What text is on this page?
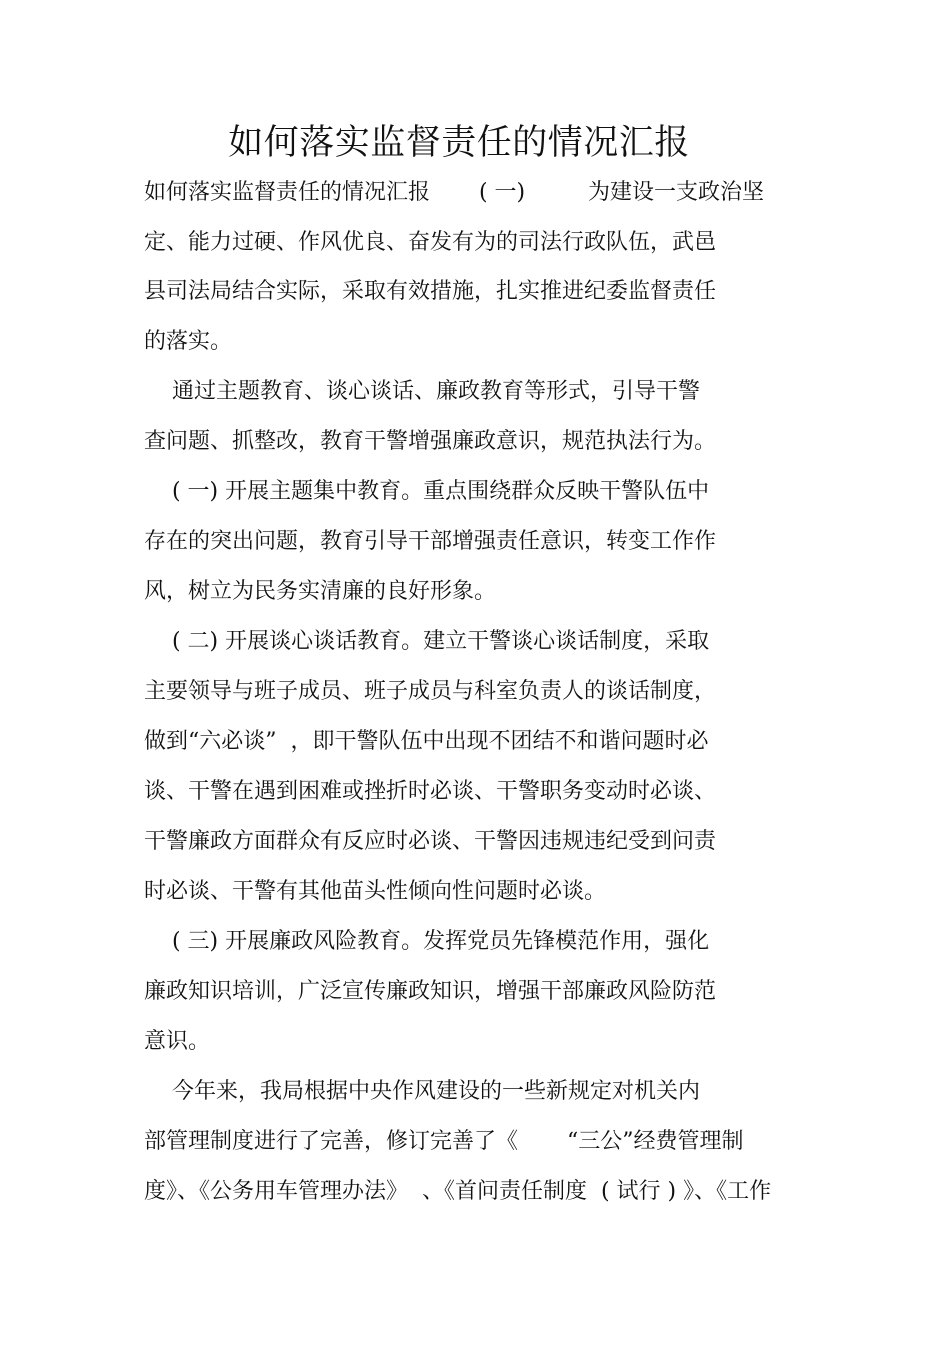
如何落实监督责任的情况汇报
如何落实监督责任的情况汇报       ( 一)         为建设一支政治坚
定、能力过硬、作风优良、奋发有为的司法行政队伍，武邑
县司法局结合实际，采取有效措施，扎实推进纪委监督责任
的落实。
通过主题教育、谈心谈话、廉政教育等形式，引导干警
查问题、抓整改，教育干警增强廉政意识，规范执法行为。
( 一) 开展主题集中教育。重点围绕群众反映干警队伍中
存在的突出问题，教育引导干部增强责任意识，转变工作作
风，树立为民务实清廉的良好形象。
( 二) 开展谈心谈话教育。建立干警谈心谈话制度，采取
主要领导与班子成员、班子成员与科室负责人的谈话制度，
做到“六必谈”  ，即干警队伍中出现不团结不和谐问题时必
谈、干警在遇到困难或挫折时必谈、干警职务变动时必谈、
干警廉政方面群众有反应时必谈、干警因违规违纪受到问责
时必谈、干警有其他苗头性倾向性问题时必谈。
( 三) 开展廉政风险教育。发挥党员先锋模范作用，强化
廉政知识培训，广泛宣传廉政知识，增强干部廉政风险防范
意识。
今年来，我局根据中央作风建设的一些新规定对机关内
部管理制度进行了完善，修订完善了《       “三公”经费管理制
度》、《公务用车管理办法》  、《首问责任制度  ( 试行 ) 》、《工作
